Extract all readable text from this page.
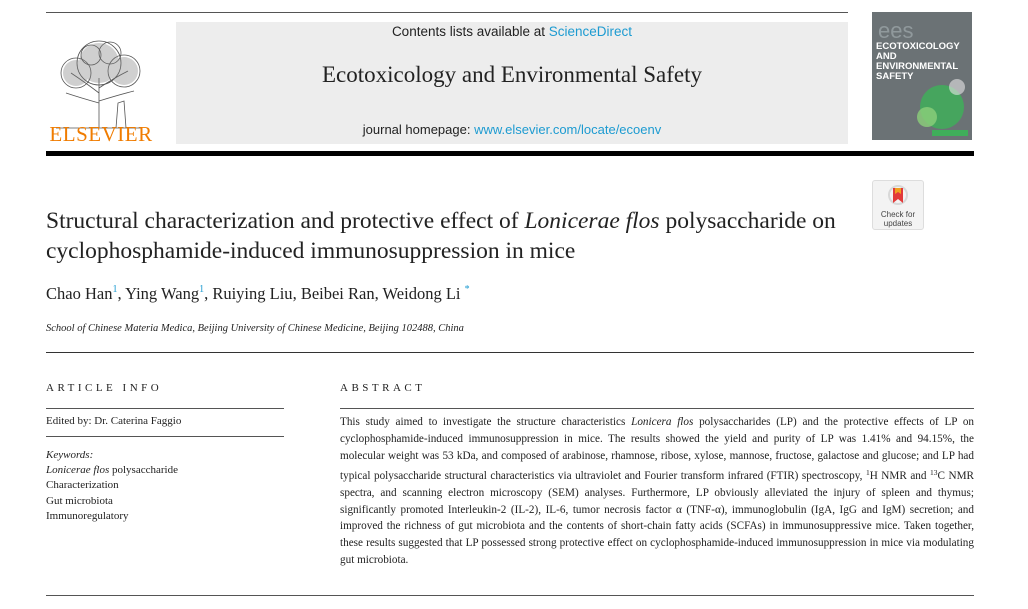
ELSEVIER
Contents lists available at ScienceDirect
Ecotoxicology and Environmental Safety
journal homepage: www.elsevier.com/locate/ecoenv
ees
ECOTOXICOLOGY AND ENVIRONMENTAL SAFETY
Check for updates
Structural characterization and protective effect of Lonicerae flos polysaccharide on cyclophosphamide-induced immunosuppression in mice
Chao Han$^1$, Ying Wang$^1$, Ruiying Liu, Beibei Ran, Weidong Li *
School of Chinese Materia Medica, Beijing University of Chinese Medicine, Beijing 102488, China
ARTICLE INFO
Edited by: Dr. Caterina Faggio
Keywords:
Lonicerae flos polysaccharide
Characterization
Gut microbiota
Immunoregulatory
ABSTRACT
This study aimed to investigate the structure characteristics Lonicera flos polysaccharides (LP) and the protective effects of LP on cyclophosphamide-induced immunosuppression in mice. The results showed the yield and purity of LP was 1.41% and 94.15%, the molecular weight was 53 kDa, and composed of arabinose, rhamnose, ribose, xylose, mannose, fructose, galactose and glucose; and LP had typical polysaccharide structural characteristics via ultraviolet and Fourier transform infrared (FTIR) spectroscopy, $^1$H NMR and $^{13}$C NMR spectra, and scanning electron microscopy (SEM) analyses. Furthermore, LP obviously alleviated the injury of spleen and thymus; significantly promoted Interleukin-2 (IL-2), IL-6, tumor necrosis factor α (TNF-α), immunoglobulin (IgA, IgG and IgM) secretion; and improved the richness of gut microbiota and the contents of short-chain fatty acids (SCFAs) in immunosuppressive mice. Taken together, these results suggested that LP possessed strong protective effect on cyclophosphamide-induced immunosuppression in mice via modulating gut microbiota.
